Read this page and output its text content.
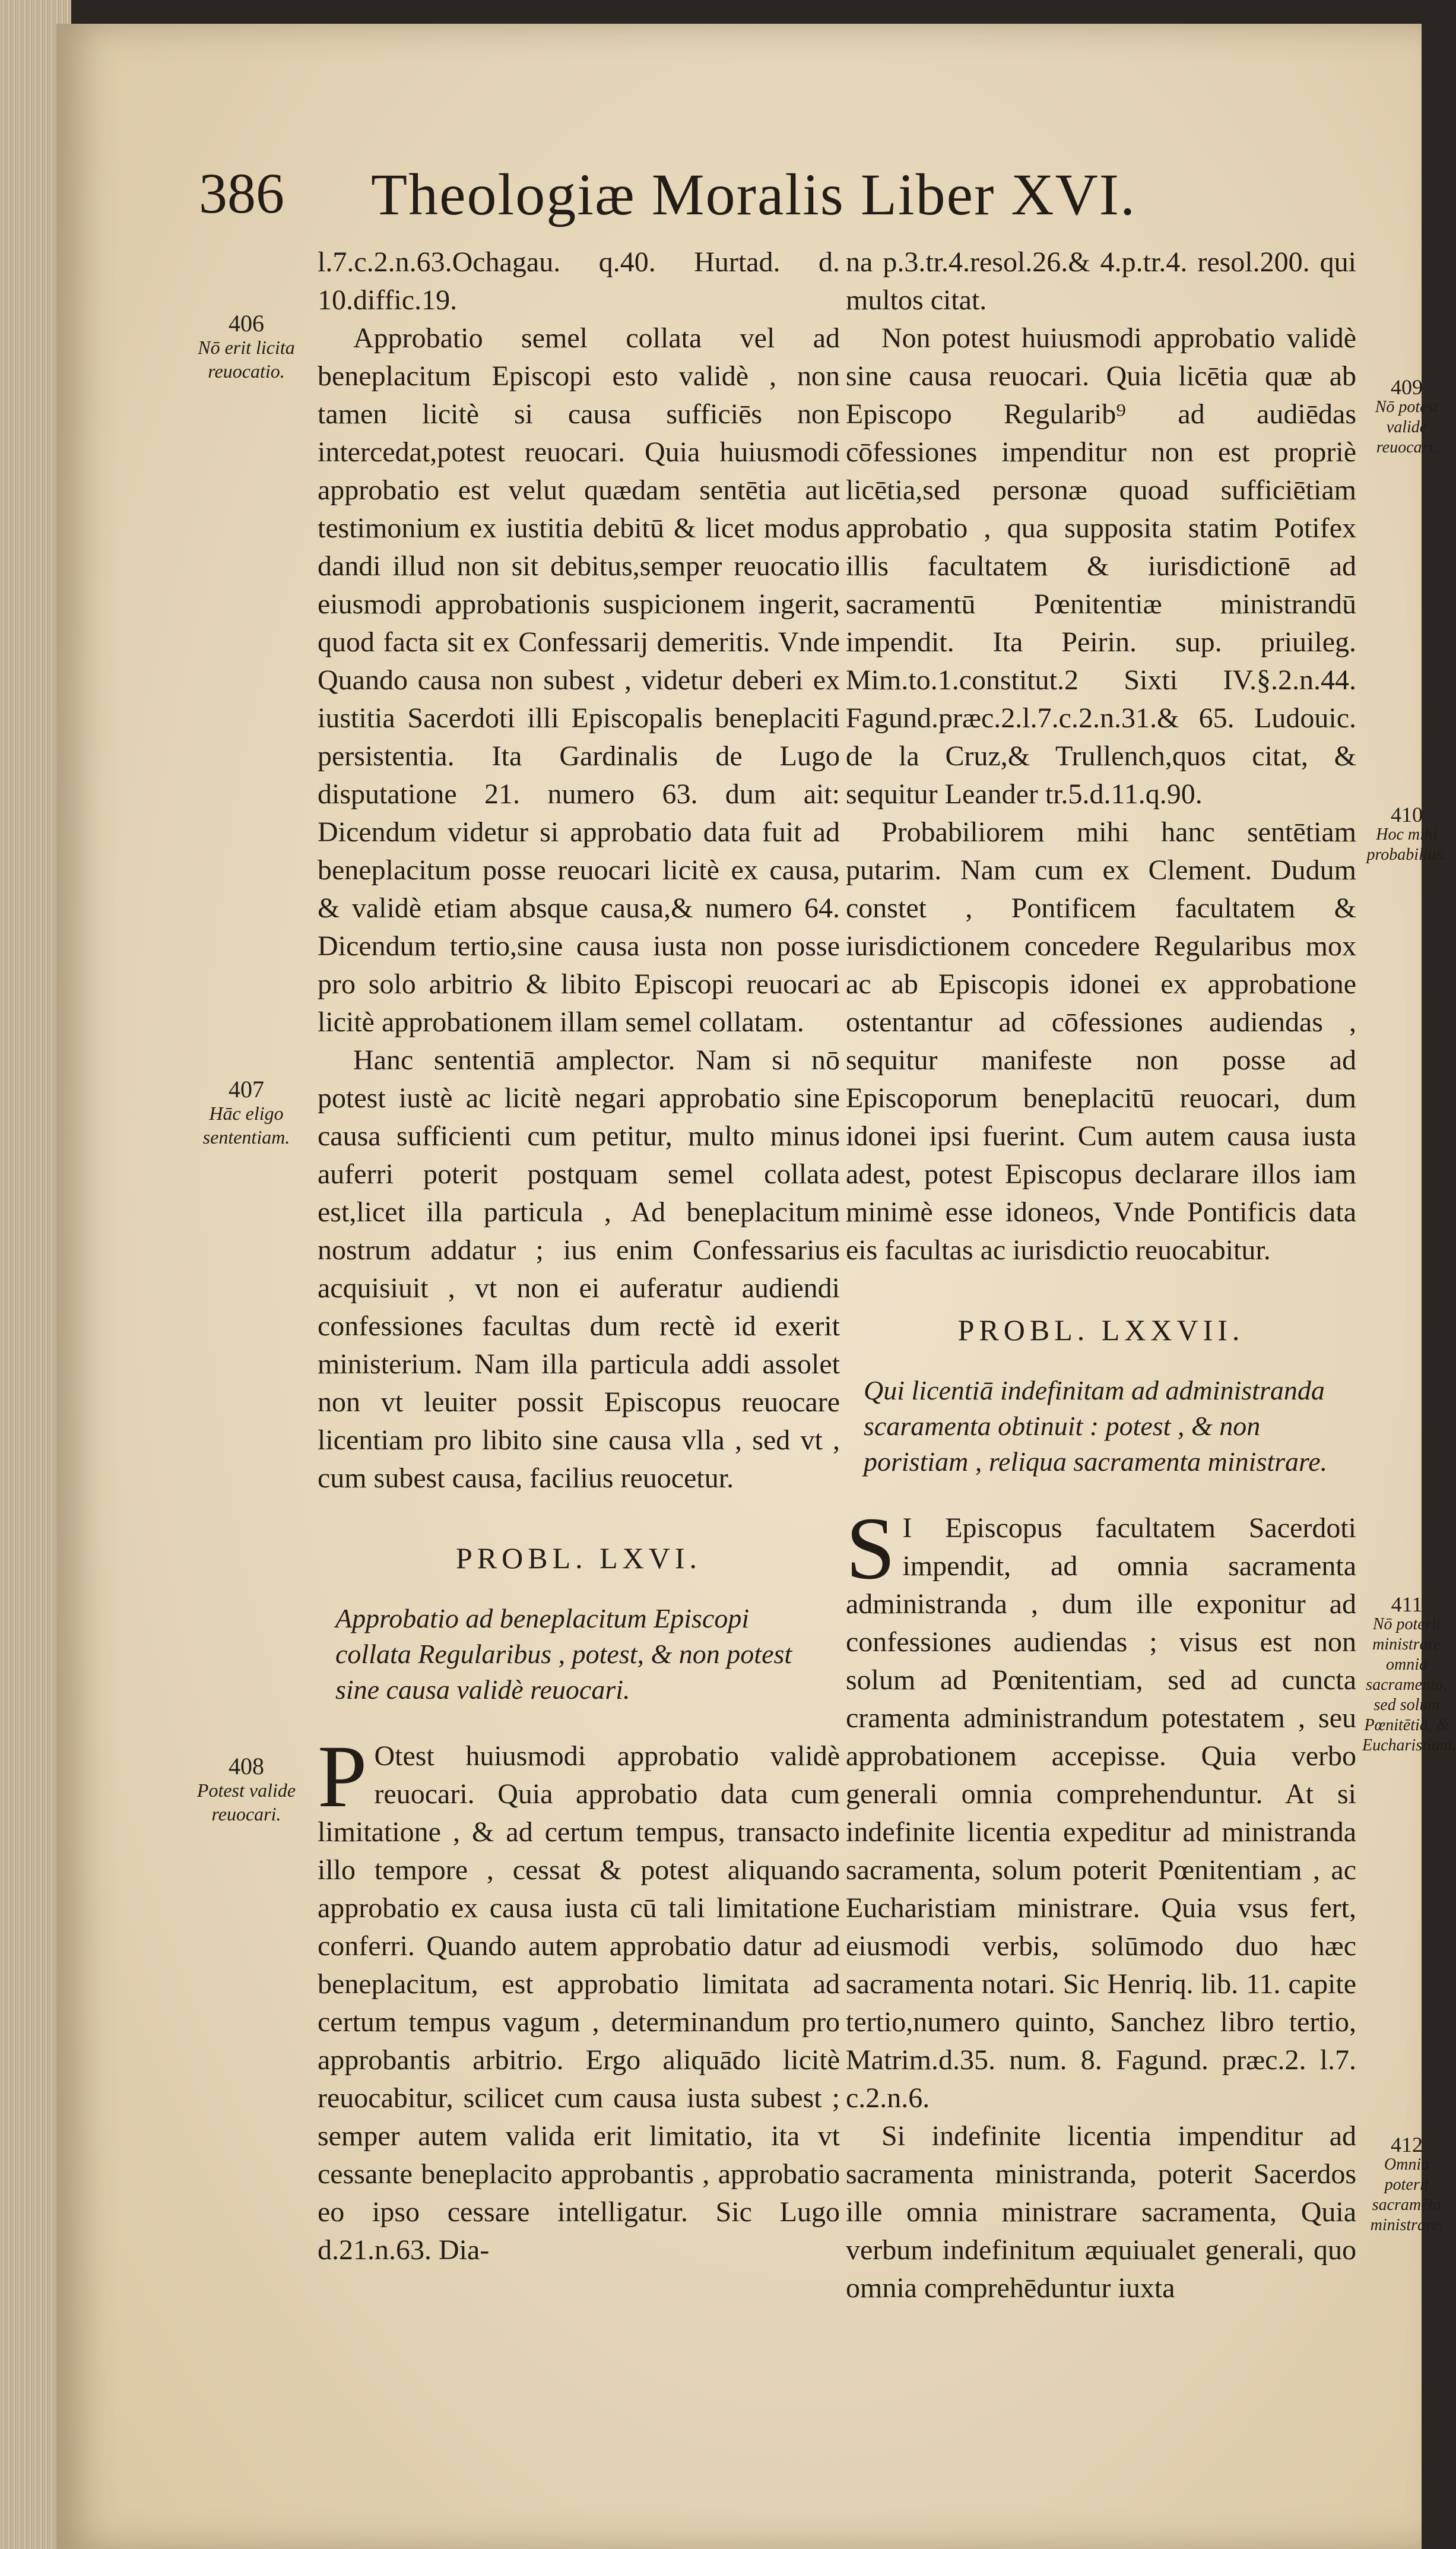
386 Theologiæ Moralis Liber XVI.
406
Nō erit licita reuocatio.
407
Hāc eligo sententiam.
408
Potest valide reuocari.
409
Nō potest validè reuocari.
410
Hoc mihi probabilius.
411
Nō poterit ministrare omnia sacramenta, sed solum Pœnitētiā, & Eucharistiam.
412
Omnia poterit sacramēta ministrare.

l.7.c.2.n.63.Ochagau. q.40. Hurtad. d. 10.diffic.19.

Approbatio semel collata vel ad beneplacitum Episcopi esto validè , non tamen licitè si causa sufficiēs non intercedat,potest reuocari. Quia huiusmodi approbatio est velut quædam sentētia aut testimonium ex iustitia debitū & licet modus dandi illud non sit debitus,semper reuocatio eiusmodi approbationis suspicionem ingerit, quod facta sit ex Confessarij demeritis. Vnde Quando causa non subest , videtur deberi ex iustitia Sacerdoti illi Episcopalis beneplaciti persistentia. Ita Gardinalis de Lugo disputatione 21. numero 63. dum ait: Dicendum videtur si approbatio data fuit ad beneplacitum posse reuocari licitè ex causa, & validè etiam absque causa,& numero 64. Dicendum tertio,sine causa iusta non posse pro solo arbitrio & libito Episcopi reuocari licitè approbationem illam semel collatam.

Hanc sententiā amplector. Nam si nō potest iustè ac licitè negari approbatio sine causa sufficienti cum petitur, multo minus auferri poterit postquam semel collata est,licet illa particula , Ad beneplacitum nostrum addatur ; ius enim Confessarius acquisiuit , vt non ei auferatur audiendi confessiones facultas dum rectè id exerit ministerium. Nam illa particula addi assolet non vt leuiter possit Episcopus reuocare licentiam pro libito sine causa vlla , sed vt , cum subest causa, facilius reuocetur.

PROBL. LXVI.

Approbatio ad beneplacitum Episcopi collata Regularibus , potest, & non potest sine causa validè reuocari.

P Otest huiusmodi approbatio validè reuocari. Quia approbatio data cum limitatione , & ad certum tempus, transacto illo tempore , cessat & potest aliquando approbatio ex causa iusta cū tali limitatione conferri. Quando autem approbatio datur ad beneplacitum, est approbatio limitata ad certum tempus vagum , determinandum pro approbantis arbitrio. Ergo aliquādo licitè reuocabitur, scilicet cum causa iusta subest ; semper autem valida erit limitatio, ita vt cessante beneplacito approbantis , approbatio eo ipso cessare intelligatur. Sic Lugo d.21.n.63. Dia-

na p.3.tr.4.resol.26.& 4.p.tr.4. resol.200. qui multos citat.

Non potest huiusmodi approbatio validè sine causa reuocari. Quia licētia quæ ab Episcopo Regularib⁹ ad audiēdas cōfessiones impenditur non est propriè licētia,sed personæ quoad sufficiētiam approbatio , qua supposita statim Potifex illis facultatem & iurisdictionē ad sacramentū Pœnitentiæ ministrandū impendit. Ita Peirin. sup. priuileg. Mim.to.1.constitut.2 Sixti IV.§.2.n.44. Fagund.præc.2.l.7.c.2.n.31.& 65. Ludouic. de la Cruz,& Trullench,quos citat, & sequitur Leander tr.5.d.11.q.90.

Probabiliorem mihi hanc sentētiam putarim. Nam cum ex Clement. Dudum constet , Pontificem facultatem & iurisdictionem concedere Regularibus mox ac ab Episcopis idonei ex approbatione ostentantur ad cōfessiones audiendas , sequitur manifeste non posse ad Episcoporum beneplacitū reuocari, dum idonei ipsi fuerint. Cum autem causa iusta adest, potest Episcopus declarare illos iam minimè esse idoneos, Vnde Pontificis data eis facultas ac iurisdictio reuocabitur.

PROBL. LXXVII.

Qui licentiā indefinitam ad administranda scaramenta obtinuit : potest , & non poristiam , reliqua sacramenta ministrare.

S I Episcopus facultatem Sacerdoti impendit, ad omnia sacramenta administranda , dum ille exponitur ad confessiones audiendas ; visus est non solum ad Pœnitentiam, sed ad cuncta cramenta administrandum potestatem , seu approbationem accepisse. Quia verbo generali omnia comprehenduntur. At si indefinite licentia expeditur ad ministranda sacramenta, solum poterit Pœnitentiam , ac Eucharistiam ministrare. Quia vsus fert, eiusmodi verbis, solūmodo duo hæc sacramenta notari. Sic Henriq. lib. 11. capite tertio,numero quinto, Sanchez libro tertio, Matrim.d.35. num. 8. Fagund. præc.2. l.7. c.2.n.6.

Si indefinite licentia impenditur ad sacramenta ministranda, poterit Sacerdos ille omnia ministrare sacramenta, Quia verbum indefinitum æquiualet generali, quo omnia comprehēduntur iuxta
